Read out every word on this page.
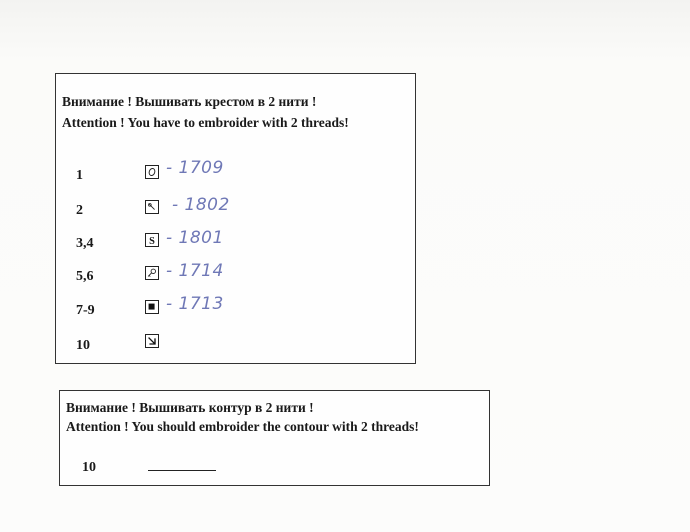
Внимание ! Вышивать крестом в 2 нити !
Attention ! You have to embroider with 2 threads!
1	- 1709
2	- 1802
3,4	S - 1801
5,6	- 1714
7-9	- 1713
10
Внимание ! Вышивать контур в 2 нити !
Attention ! You should embroider the contour with 2 threads!
10
